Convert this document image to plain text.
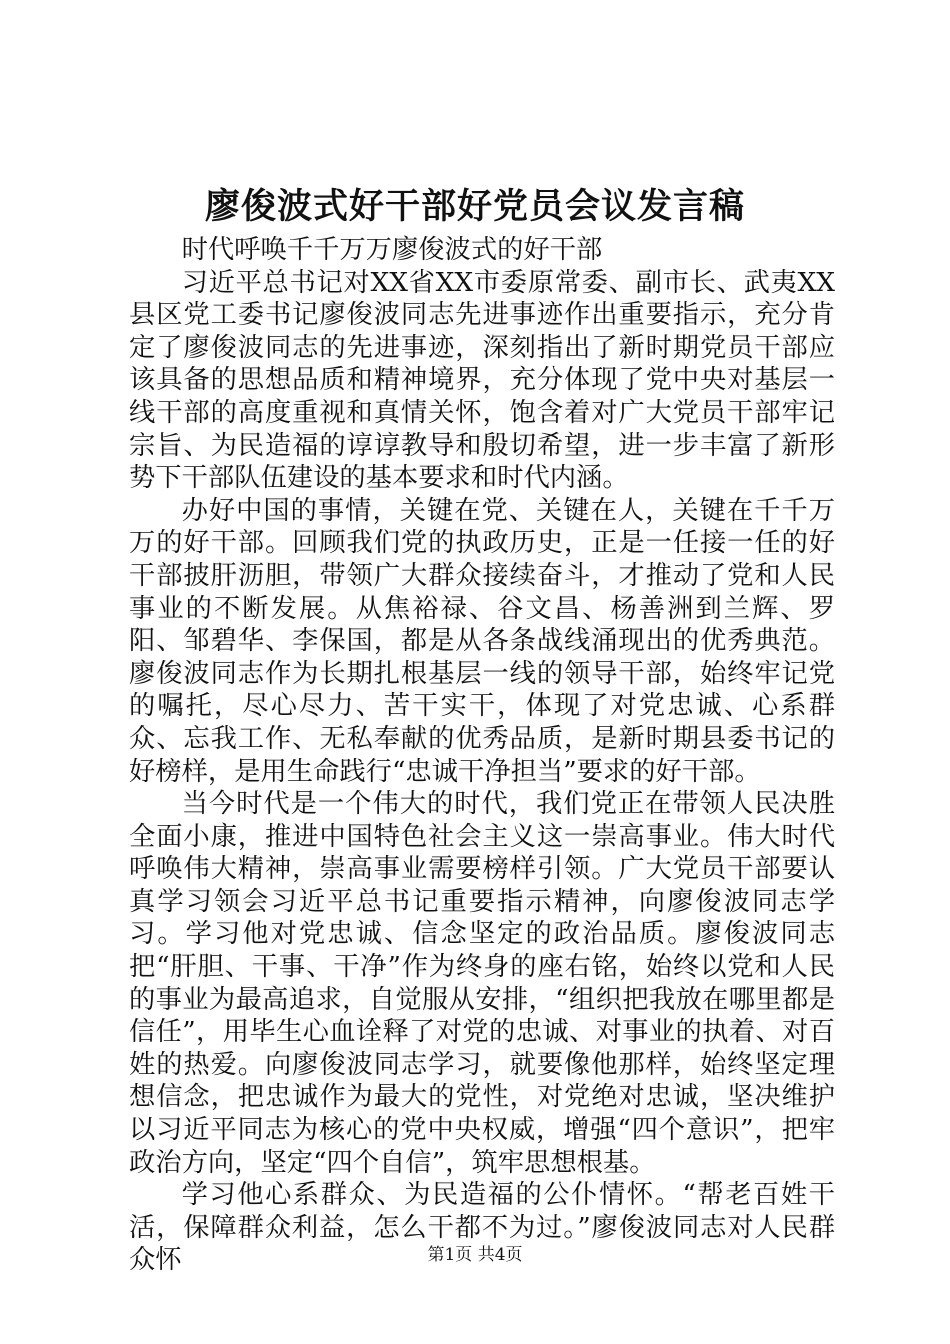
廖俊波式好干部好党员会议发言稿

时代呼唤千千万万廖俊波式的好干部

习近平总书记对XX省XX市委原常委、副市长、武夷XX县区党工委书记廖俊波同志先进事迹作出重要指示，充分肯定了廖俊波同志的先进事迹，深刻指出了新时期党员干部应该具备的思想品质和精神境界，充分体现了党中央对基层一线干部的高度重视和真情关怀，饱含着对广大党员干部牢记宗旨、为民造福的谆谆教导和殷切希望，进一步丰富了新形势下干部队伍建设的基本要求和时代内涵。

办好中国的事情，关键在党、关键在人，关键在千千万万的好干部。回顾我们党的执政历史，正是一任接一任的好干部披肝沥胆，带领广大群众接续奋斗，才推动了党和人民事业的不断发展。从焦裕禄、谷文昌、杨善洲到兰辉、罗阳、邹碧华、李保国，都是从各条战线涌现出的优秀典范。廖俊波同志作为长期扎根基层一线的领导干部，始终牢记党的嘱托，尽心尽力、苦干实干，体现了对党忠诚、心系群众、忘我工作、无私奉献的优秀品质，是新时期县委书记的好榜样，是用生命践行“忠诚干净担当”要求的好干部。

当今时代是一个伟大的时代，我们党正在带领人民决胜全面小康，推进中国特色社会主义这一崇高事业。伟大时代呼唤伟大精神，崇高事业需要榜样引领。广大党员干部要认真学习领会习近平总书记重要指示精神，向廖俊波同志学习。学习他对党忠诚、信念坚定的政治品质。廖俊波同志把“肝胆、干事、干净”作为终身的座右铭，始终以党和人民的事业为最高追求，自觉服从安排，“组织把我放在哪里都是信任”，用毕生心血诠释了对党的忠诚、对事业的执着、对百姓的热爱。向廖俊波同志学习，就要像他那样，始终坚定理想信念，把忠诚作为最大的党性，对党绝对忠诚，坚决维护以习近平同志为核心的党中央权威，增强“四个意识”，把牢政治方向，坚定“四个自信”，筑牢思想根基。

学习他心系群众、为民造福的公仆情怀。“帮老百姓干活，保障群众利益，怎么干都不为过。”廖俊波同志对人民群众怀	第1页 共4页
